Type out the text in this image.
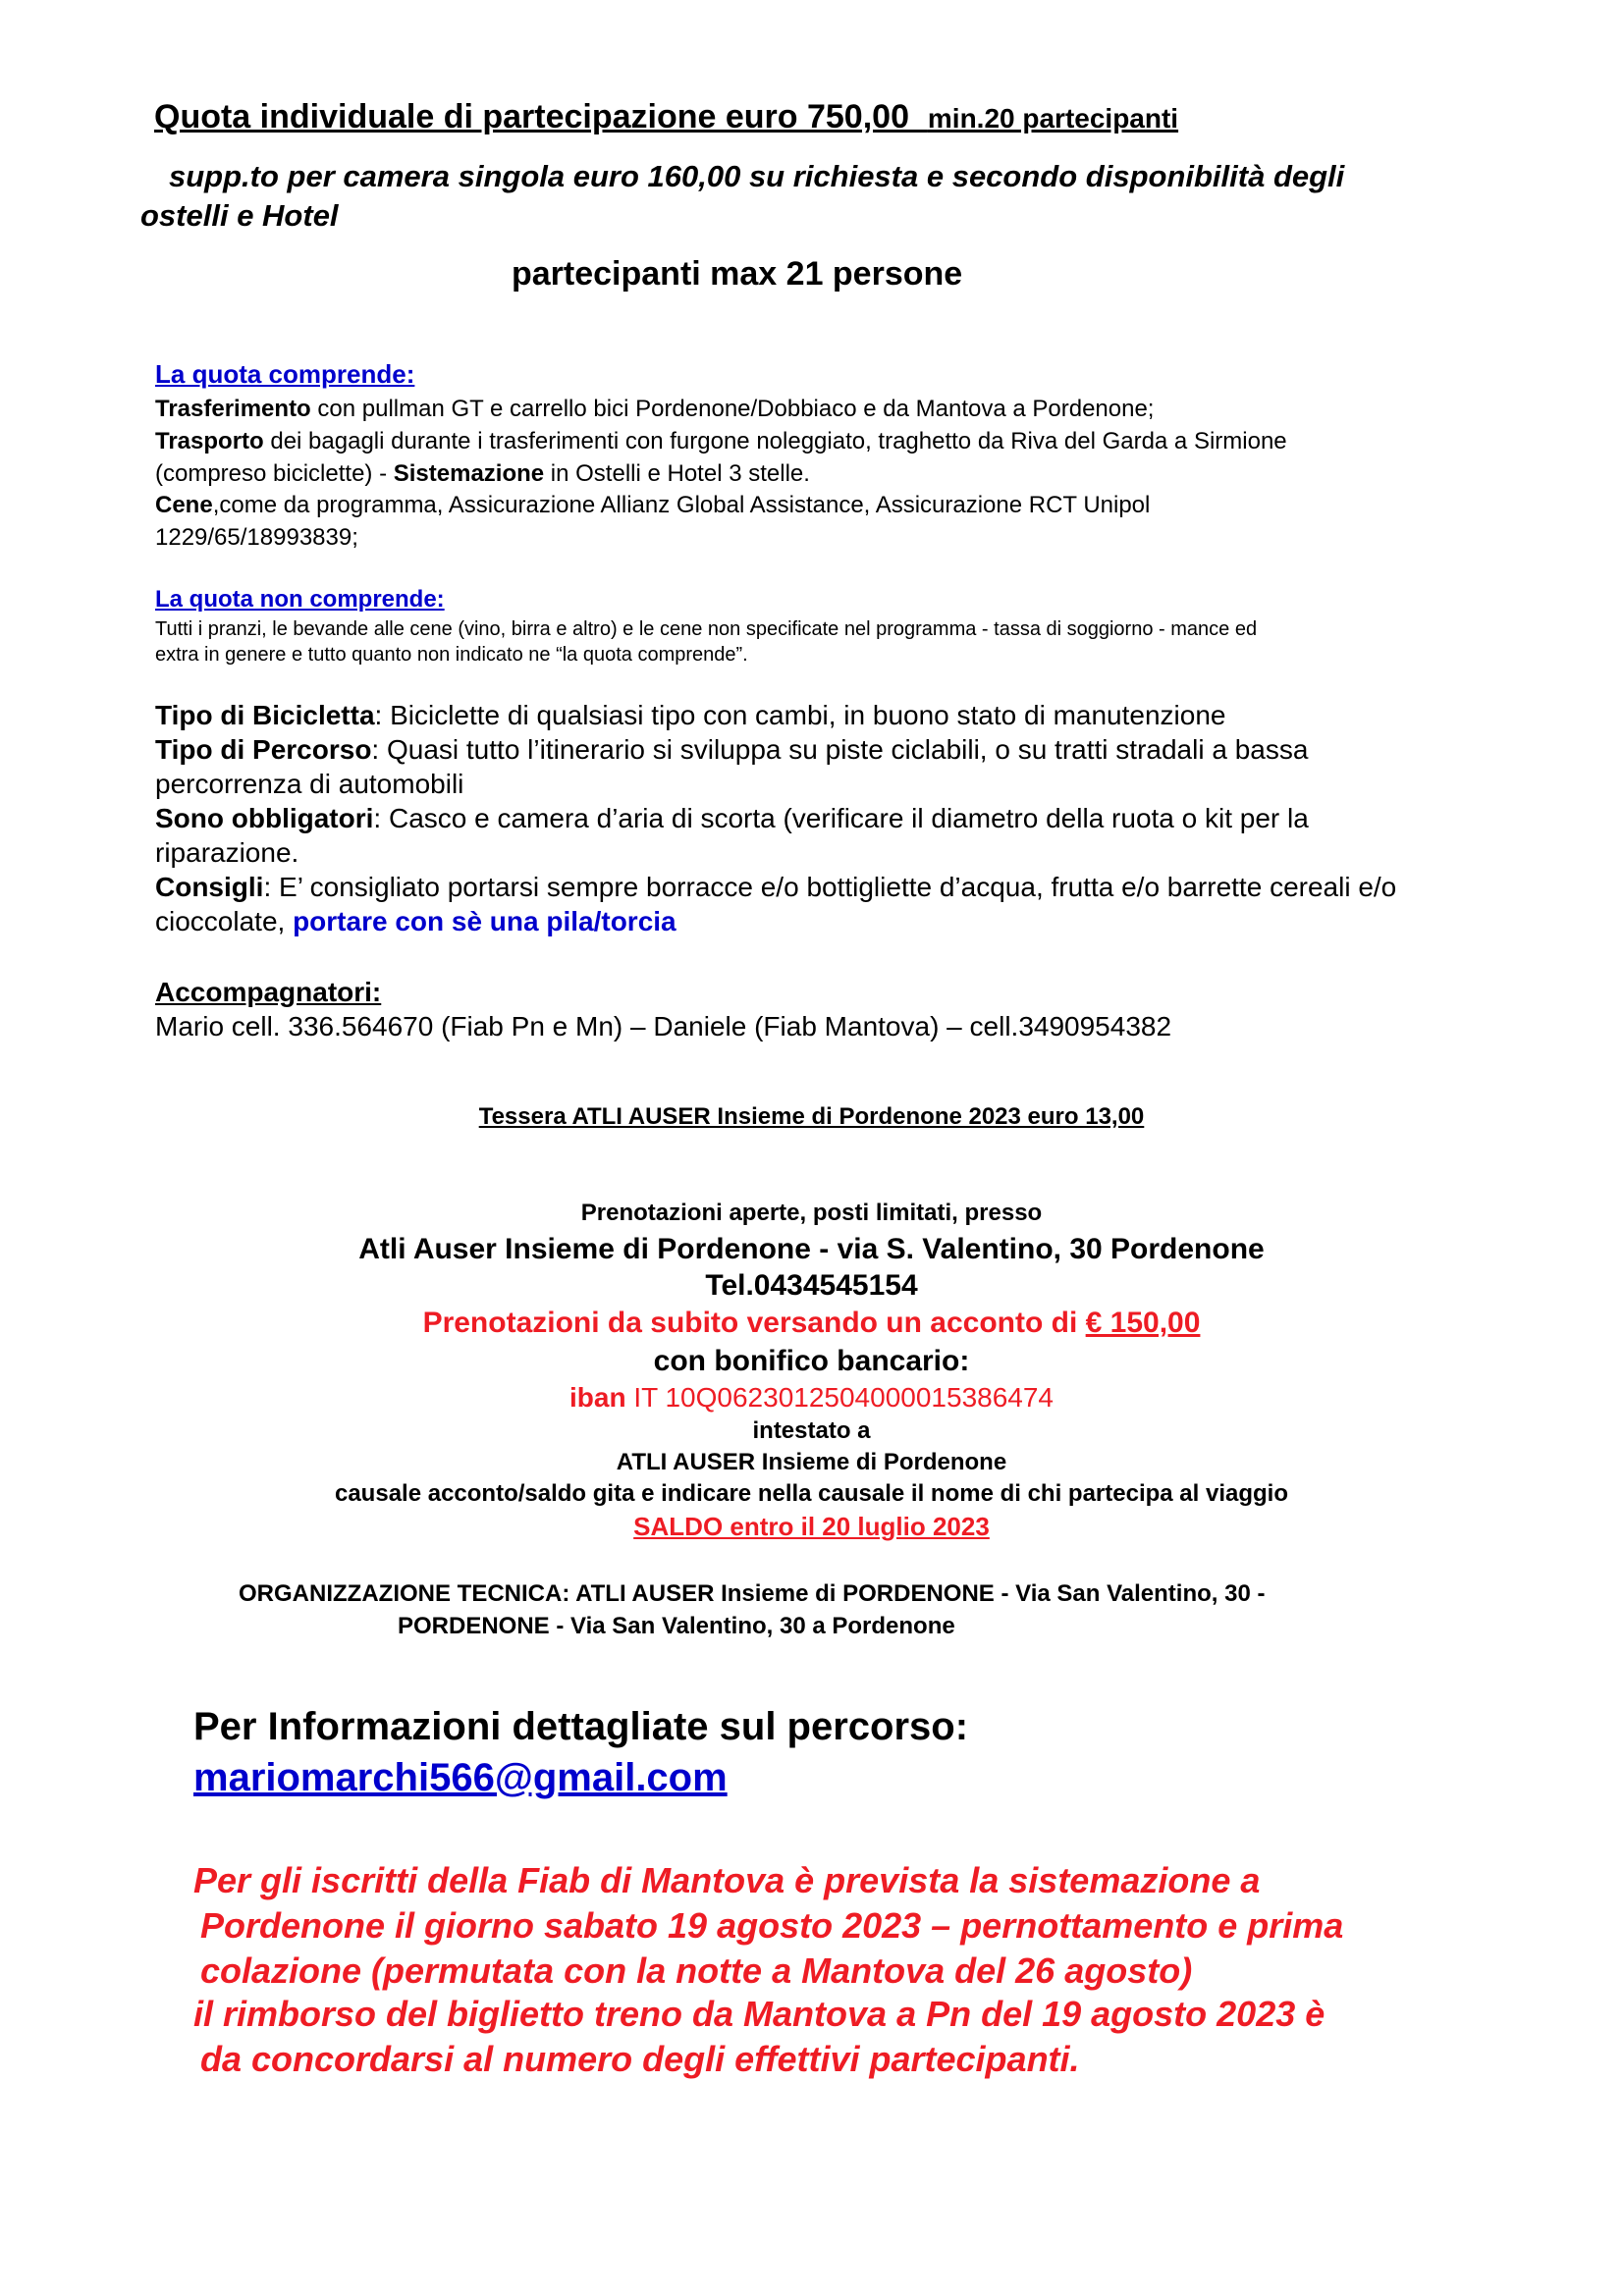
Quota individuale di partecipazione euro 750,00 min.20 partecipanti
supp.to per camera singola euro 160,00 su richiesta e secondo disponibilità degli
ostelli e Hotel
partecipanti max 21 persone
La quota comprende:
Trasferimento con pullman GT e carrello bici Pordenone/Dobbiaco e da Mantova a Pordenone;
Trasporto dei bagagli durante i trasferimenti con furgone noleggiato, traghetto da Riva del Garda a Sirmione
(compreso biciclette) - Sistemazione in Ostelli e Hotel 3 stelle.
Cene,come da programma, Assicurazione Allianz Global Assistance, Assicurazione RCT Unipol
1229/65/18993839;
La quota non comprende:
Tutti i pranzi, le bevande alle cene (vino, birra e altro) e le cene non specificate nel programma - tassa di soggiorno - mance ed
extra in genere e tutto quanto non indicato ne “la quota comprende”.
Tipo di Bicicletta: Biciclette di qualsiasi tipo con cambi, in buono stato di manutenzione
Tipo di Percorso: Quasi tutto l’itinerario si sviluppa su piste ciclabili, o su tratti stradali a bassa
percorrenza di automobili
Sono obbligatori: Casco e camera d’aria di scorta (verificare il diametro della ruota o kit per la
riparazione.
Consigli: E’ consigliato portarsi sempre borracce e/o bottigliette d’acqua, frutta e/o barrette cereali e/o
cioccolate, portare con sè una pila/torcia
Accompagnatori:
Mario cell. 336.564670 (Fiab Pn e Mn) – Daniele (Fiab Mantova) – cell.3490954382
Tessera ATLI AUSER Insieme di Pordenone 2023 euro 13,00
Prenotazioni aperte, posti limitati, presso
Atli Auser Insieme di Pordenone - via S. Valentino, 30 Pordenone
Tel.0434545154
Prenotazioni da subito versando un acconto di € 150,00
con bonifico bancario:
iban IT 10Q0623012504000015386474
intestato a
ATLI AUSER Insieme di Pordenone
causale acconto/saldo gita e indicare nella causale il nome di chi partecipa al viaggio
SALDO entro il 20 luglio 2023
ORGANIZZAZIONE TECNICA: ATLI AUSER Insieme di PORDENONE - Via San Valentino, 30 -
PORDENONE - Via San Valentino, 30 a Pordenone
Per Informazioni dettagliate sul percorso:
mariomarchi566@gmail.com
Per gli iscritti della Fiab di Mantova è prevista la sistemazione a
Pordenone il giorno sabato 19 agosto 2023 – pernottamento e prima
colazione (permutata con la notte a Mantova del 26 agosto)
il rimborso del biglietto treno da Mantova a Pn del 19 agosto 2023 è
da concordarsi al numero degli effettivi partecipanti.
